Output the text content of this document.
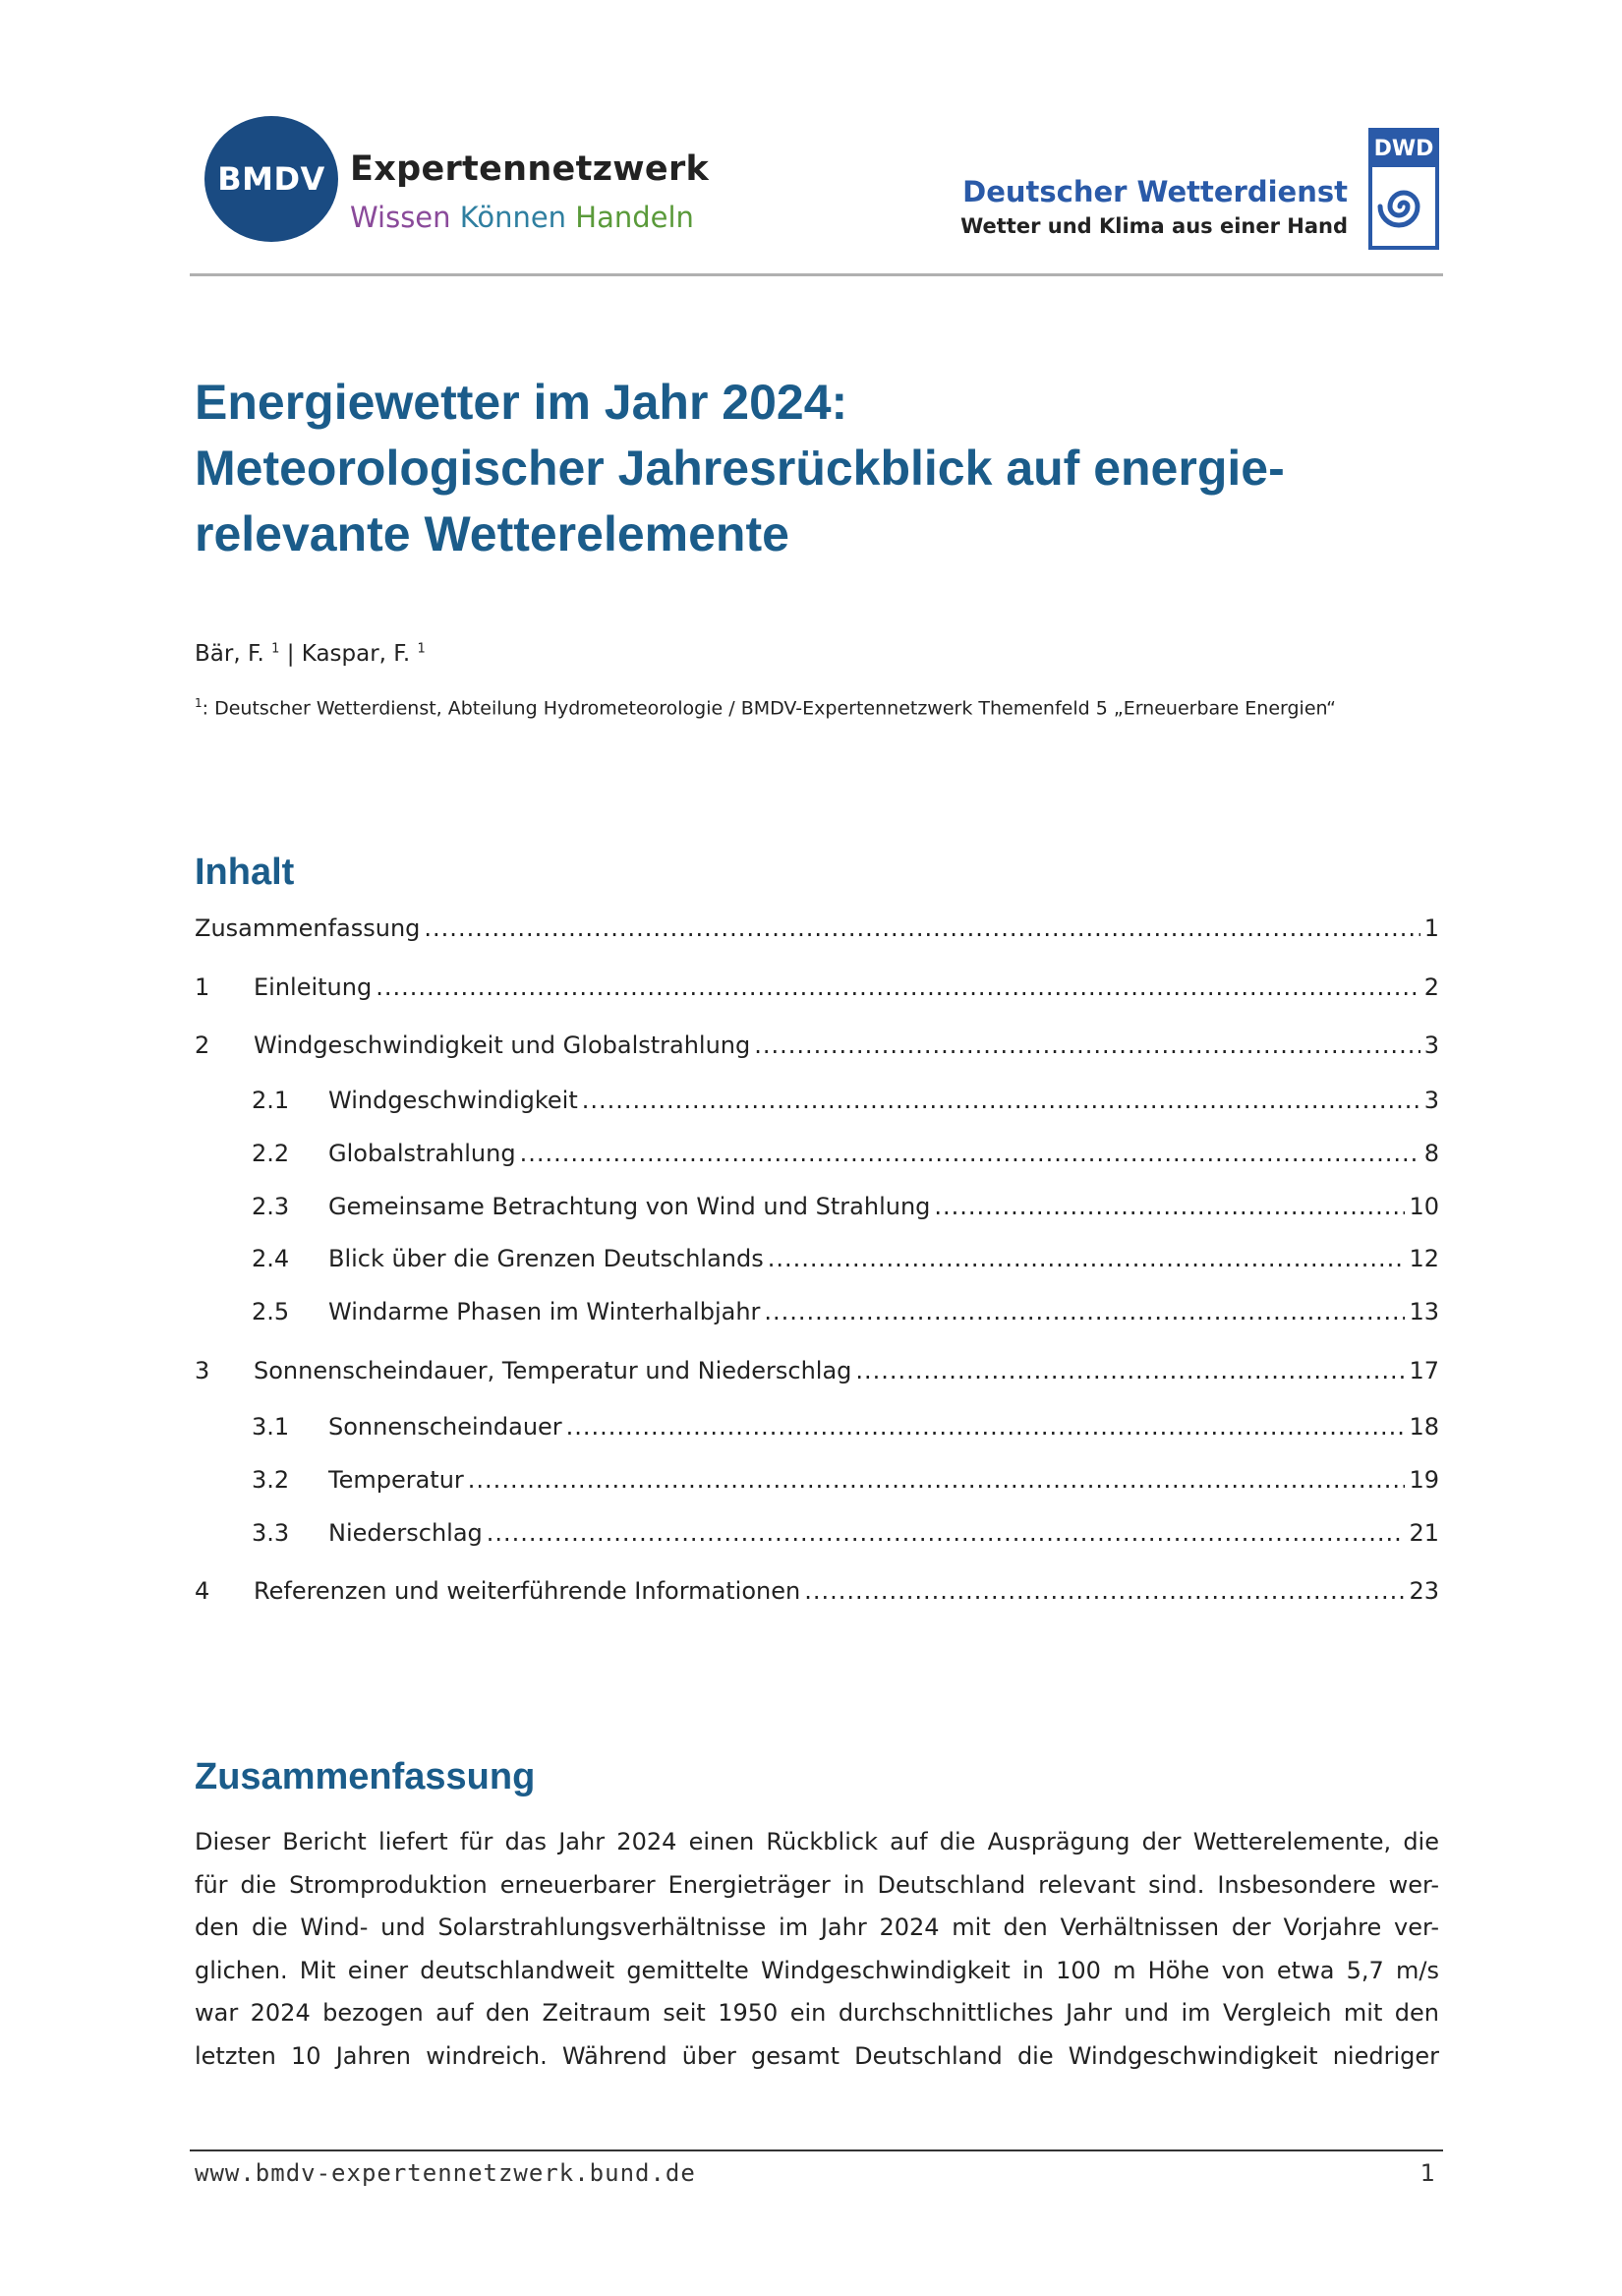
BMDV Expertennetzwerk
Wissen Können Handeln
Deutscher Wetterdienst
Wetter und Klima aus einer Hand
DWD
Energiewetter im Jahr 2024:
Meteorologischer Jahresrückblick auf energie-
relevante Wetterelemente
Bär, F. $^1$ | Kaspar, F. $^1$
$^1$: Deutscher Wetterdienst, Abteilung Hydrometeorologie / BMDV-Expertennetzwerk Themenfeld 5 „Erneuerbare Energien“
Inhalt
Zusammenfassung .....	1
1	Einleitung .....	2
2	Windgeschwindigkeit und Globalstrahlung .....	3
2.1	Windgeschwindigkeit .....	3
2.2	Globalstrahlung .....	8
2.3	Gemeinsame Betrachtung von Wind und Strahlung .....	10
2.4	Blick über die Grenzen Deutschlands .....	12
2.5	Windarme Phasen im Winterhalbjahr .....	13
3	Sonnenscheindauer, Temperatur und Niederschlag .....	17
3.1	Sonnenscheindauer .....	18
3.2	Temperatur .....	19
3.3	Niederschlag .....	21
4	Referenzen und weiterführende Informationen .....	23
Zusammenfassung
Dieser Bericht liefert für das Jahr 2024 einen Rückblick auf die Ausprägung der Wetterelemente, die
für die Stromproduktion erneuerbarer Energieträger in Deutschland relevant sind. Insbesondere wer-
den die Wind- und Solarstrahlungsverhältnisse im Jahr 2024 mit den Verhältnissen der Vorjahre ver-
glichen. Mit einer deutschlandweit gemittelte Windgeschwindigkeit in 100 m Höhe von etwa 5,7 m/s
war 2024 bezogen auf den Zeitraum seit 1950 ein durchschnittliches Jahr und im Vergleich mit den
letzten 10 Jahren windreich. Während über gesamt Deutschland die Windgeschwindigkeit niedriger
www.bmdv-expertennetzwerk.bund.de	1
